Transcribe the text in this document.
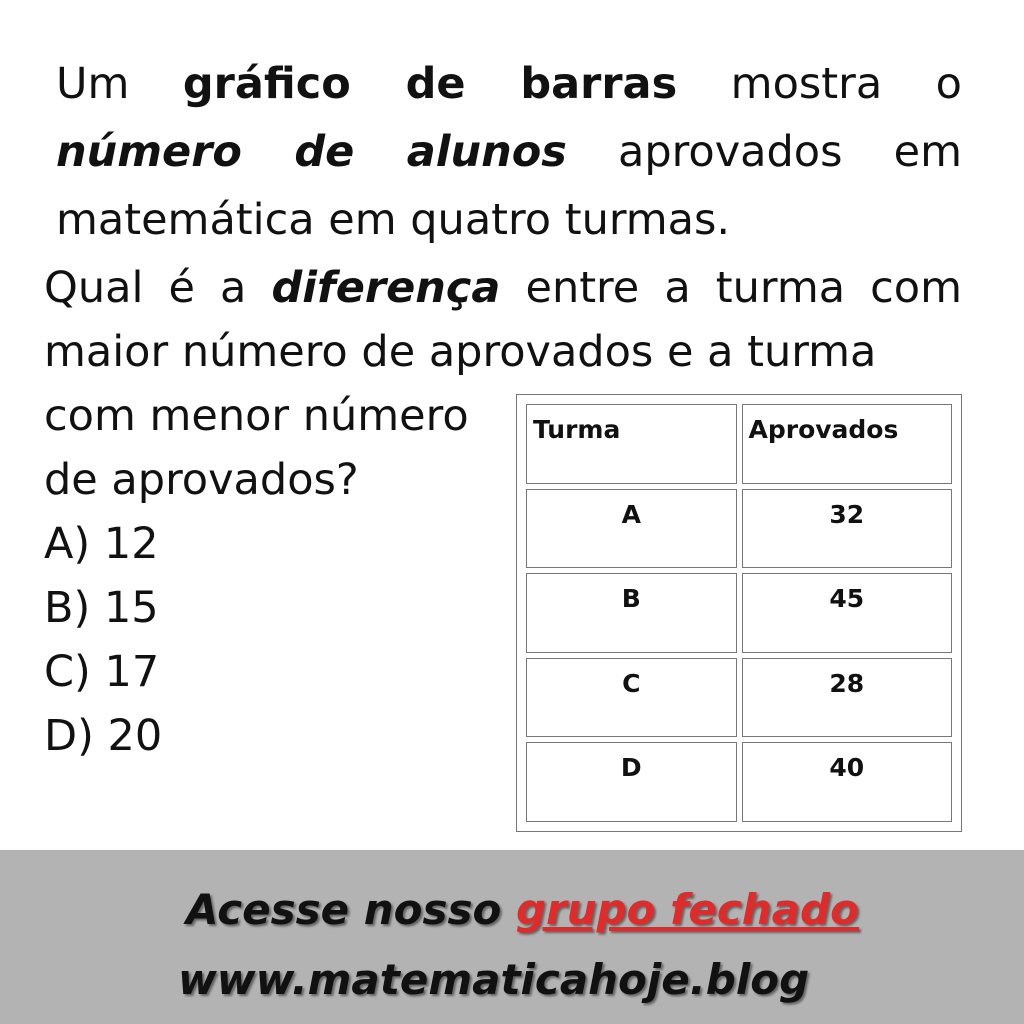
Um gráfico de barras mostra o número de alunos aprovados em matemática em quatro turmas.

Qual é a diferença entre a turma com maior número de aprovados e a turma

com menor número de aprovados?

A) 12
B) 15
C) 17
D) 20
Turma	Aprovados
A	32
B	45
C	28
D	40
Acesse nosso grupo fechado
www.matematicahoje.blog
